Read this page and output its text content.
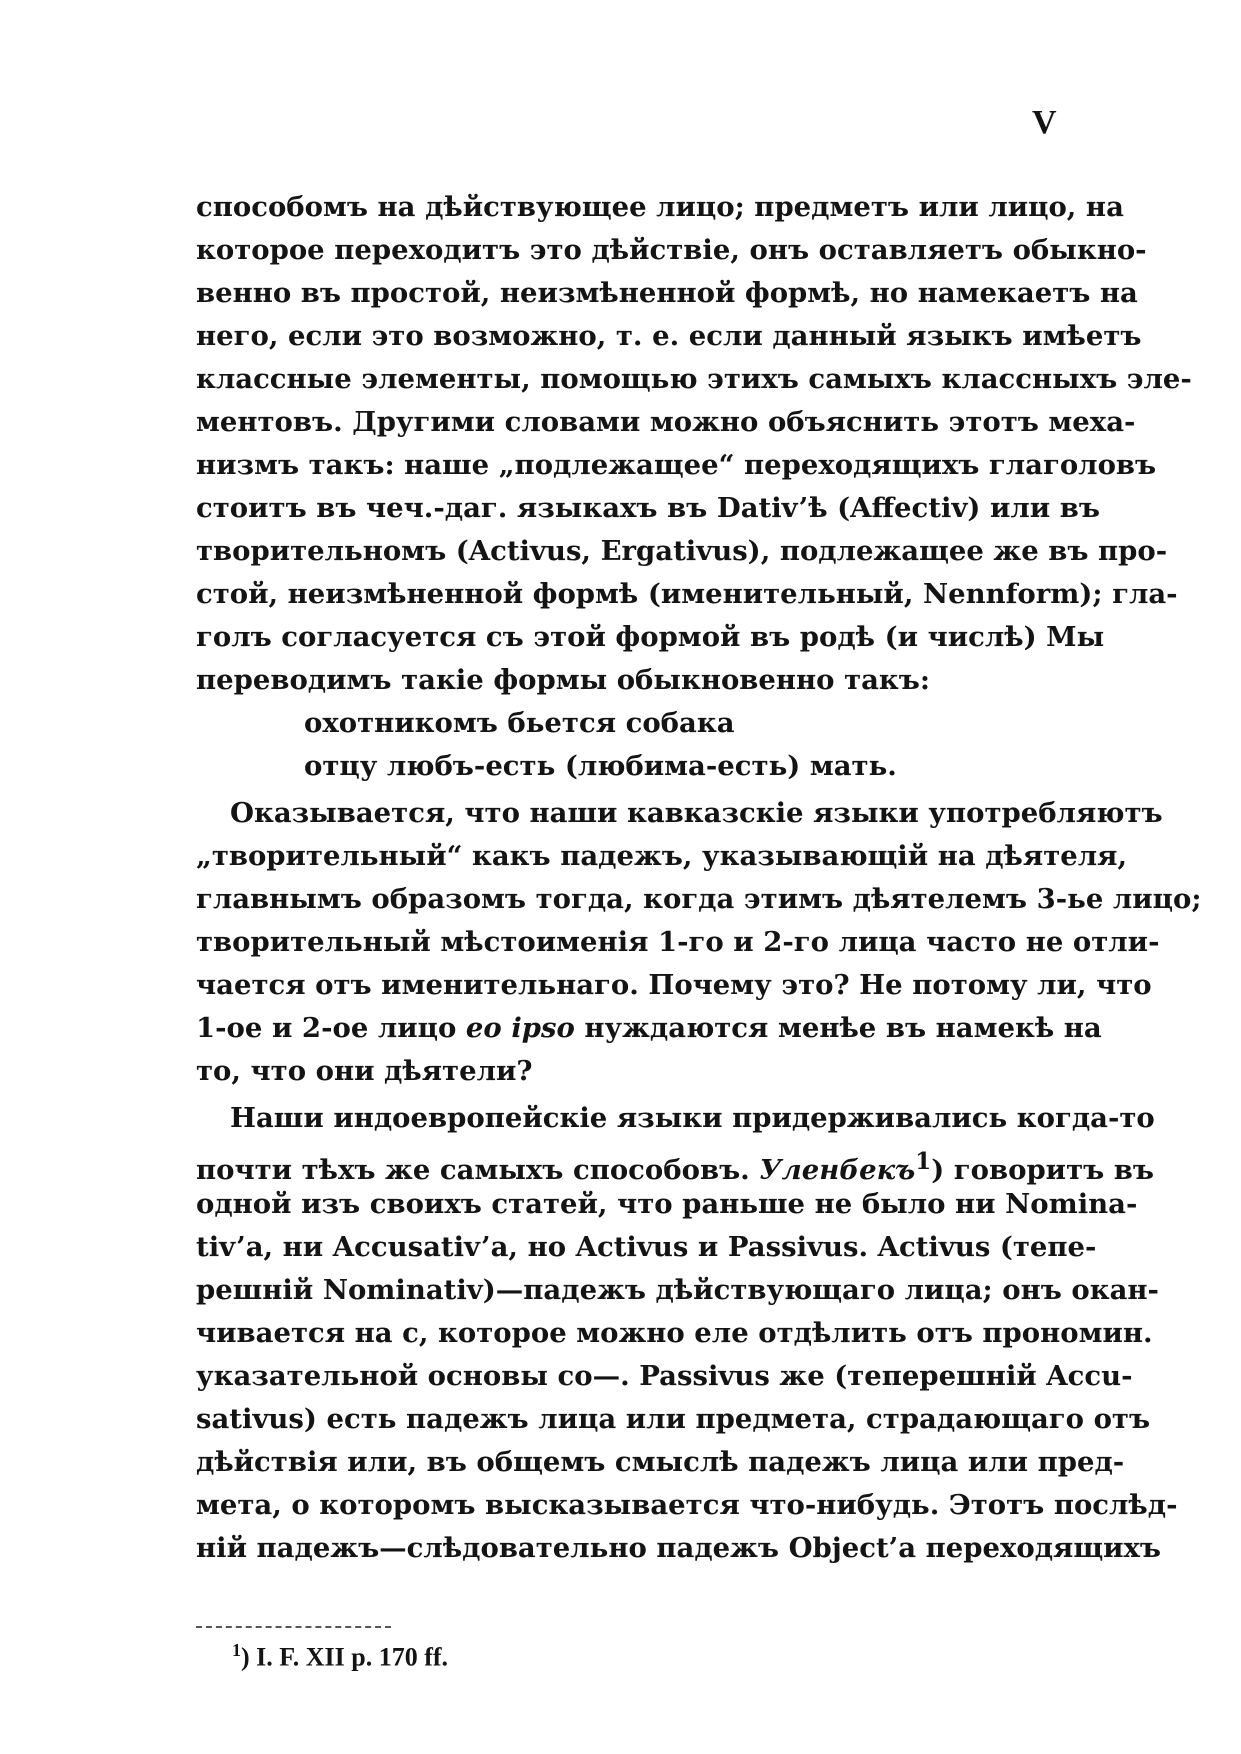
V
способомъ на дѣйствующее лицо; предметъ или лицо, на
которое переходитъ это дѣйствіе, онъ оставляетъ обыкно-
венно въ простой, неизмѣненной формѣ, но намекаетъ на
него, если это возможно, т. е. если данный языкъ имѣетъ
классные элементы, помощью этихъ самыхъ классныхъ эле-
ментовъ. Другими словами можно объяснить этотъ меха-
низмъ такъ: наше „подлежащее“ переходящихъ глаголовъ
стоитъ въ чеч.-даг. языкахъ въ Dativ’ѣ (Affectiv) или въ
творительномъ (Activus, Ergativus), подлежащее же въ про-
стой, неизмѣненной формѣ (именительный, Nennform); гла-
голъ согласуется съ этой формой въ родѣ (и числѣ) Мы
переводимъ такіе формы обыкновенно такъ:
охотникомъ бьется собака
отцу любъ-есть (любима-есть) мать.
Оказывается, что наши кавказскіе языки употребляютъ
„творительный“ какъ падежъ, указывающій на дѣятеля,
главнымъ образомъ тогда, когда этимъ дѣятелемъ 3-ье лицо;
творительный мѣстоименія 1-го и 2-го лица часто не отли-
чается отъ именительнаго. Почему это? Не потому ли, что
1-ое и 2-ое лицо eo ipso нуждаются менѣе въ намекѣ на
то, что они дѣятели?
Наши индоевропейскіе языки придерживались когда-то
почти тѣхъ же самыхъ способовъ. Уленбекъ$^1$) говоритъ въ
одной изъ своихъ статей, что раньше не было ни Nomina-
tiv’a, ни Accusativ’a, но Activus и Passivus. Activus (тепе-
решній Nominativ)—падежъ дѣйствующаго лица; онъ окан-
чивается на с, которое можно еле отдѣлить отъ прономин.
указательной основы со—. Passivus же (теперешній Accu-
sativus) есть падежъ лица или предмета, страдающаго отъ
дѣйствія или, въ общемъ смыслѣ падежъ лица или пред-
мета, о которомъ высказывается что-нибудь. Этотъ послѣд-
ній падежъ—слѣдовательно падежъ Object’a переходящихъ
$^1$) I. F. XII p. 170 ff.
